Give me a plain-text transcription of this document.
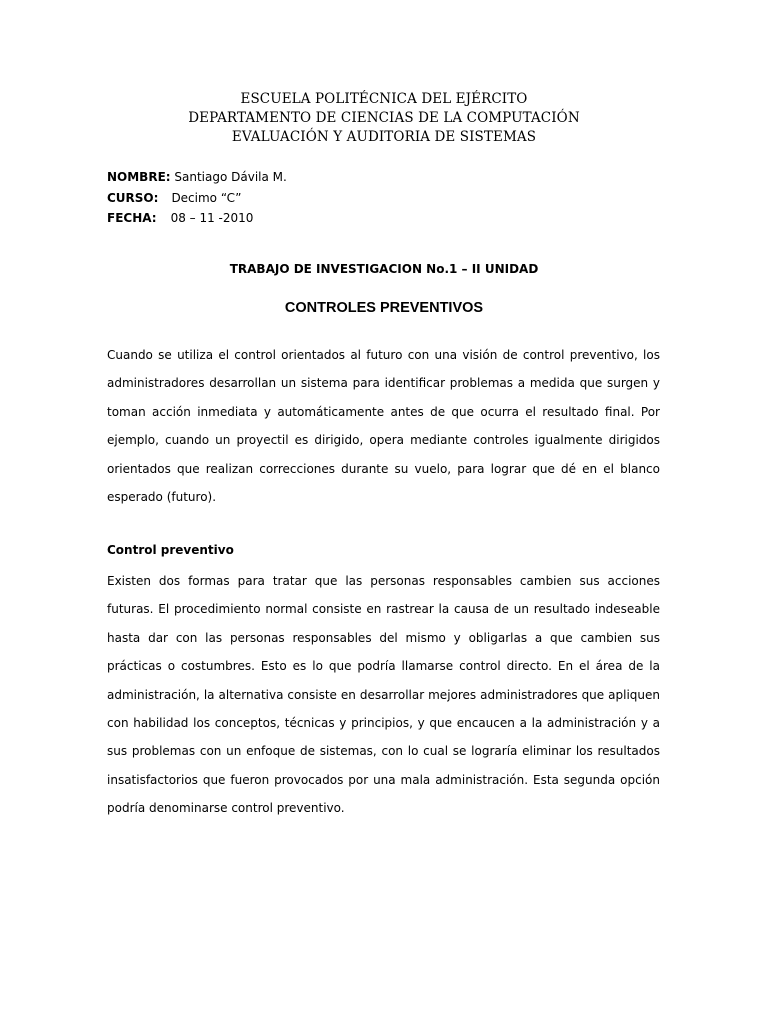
ESCUELA POLITÉCNICA DEL EJÉRCITO
DEPARTAMENTO DE CIENCIAS DE LA COMPUTACIÓN
EVALUACIÓN Y AUDITORIA DE SISTEMAS
NOMBRE: Santiago Dávila M.
CURSO: Decimo “C”
FECHA: 08 – 11 -2010
TRABAJO DE INVESTIGACION No.1 – II UNIDAD
CONTROLES PREVENTIVOS
Cuando se utiliza el control orientados al futuro con una visión de control preventivo, los administradores desarrollan un sistema para identificar problemas a medida que surgen y toman acción inmediata y automáticamente antes de que ocurra el resultado final. Por ejemplo, cuando un proyectil es dirigido, opera mediante controles igualmente dirigidos orientados que realizan correcciones durante su vuelo, para lograr que dé en el blanco esperado (futuro).
Control preventivo
Existen dos formas para tratar que las personas responsables cambien sus acciones futuras. El procedimiento normal consiste en rastrear la causa de un resultado indeseable hasta dar con las personas responsables del mismo y obligarlas a que cambien sus prácticas o costumbres. Esto es lo que podría llamarse control directo. En el área de la administración, la alternativa consiste en desarrollar mejores administradores que apliquen con habilidad los conceptos, técnicas y principios, y que encaucen a la administración y a sus problemas con un enfoque de sistemas, con lo cual se lograría eliminar los resultados insatisfactorios que fueron provocados por una mala administración. Esta segunda opción podría denominarse control preventivo.
